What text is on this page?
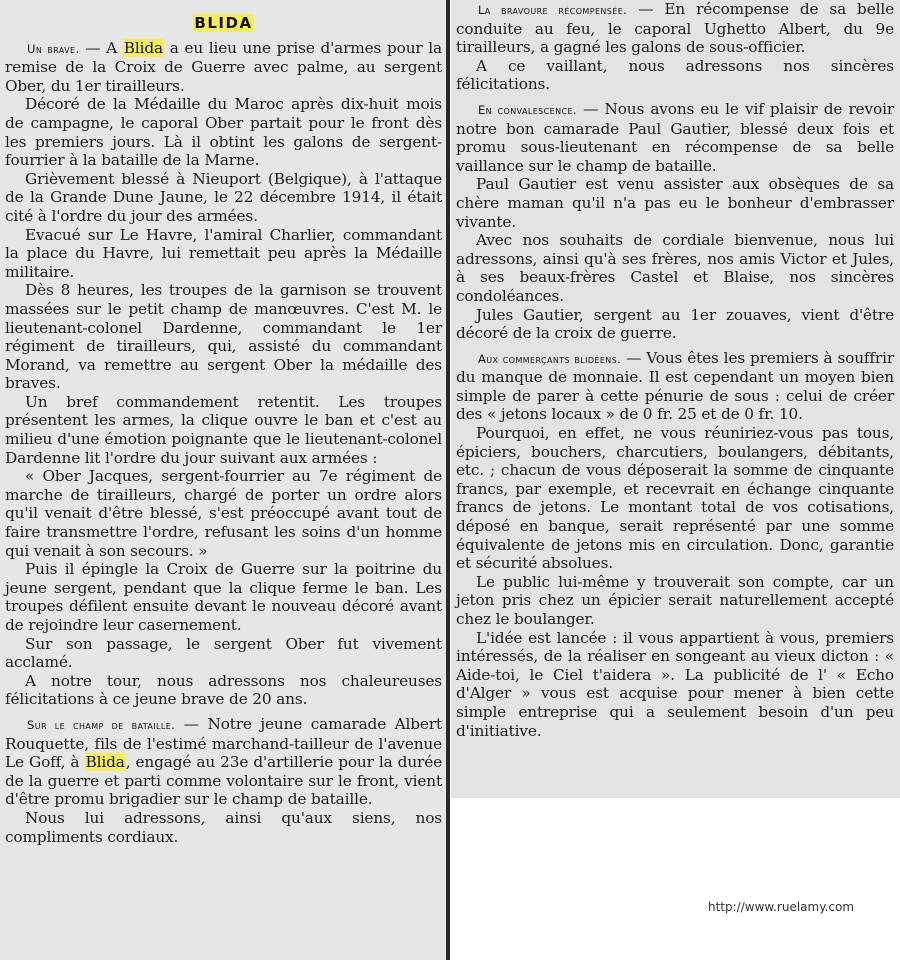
BLIDA

Un brave. — A Blida a eu lieu une prise d'armes pour la remise de la Croix de Guerre avec palme, au sergent Ober, du 1er tirailleurs.

Décoré de la Médaille du Maroc après dix-huit mois de campagne, le caporal Ober partait pour le front dès les premiers jours. Là il obtint les galons de sergent-fourrier à la bataille de la Marne.

Grièvement blessé à Nieuport (Belgique), à l'attaque de la Grande Dune Jaune, le 22 décembre 1914, il était cité à l'ordre du jour des armées.

Evacué sur Le Havre, l'amiral Charlier, commandant la place du Havre, lui remettait peu après la Médaille militaire.

Dès 8 heures, les troupes de la garnison se trouvent massées sur le petit champ de manœuvres. C'est M. le lieutenant-colonel Dardenne, commandant le 1er régiment de tirailleurs, qui, assisté du commandant Morand, va remettre au sergent Ober la médaille des braves.

Un bref commandement retentit. Les troupes présentent les armes, la clique ouvre le ban et c'est au milieu d'une émotion poignante que le lieutenant-colonel Dardenne lit l'ordre du jour suivant aux armées :

« Ober Jacques, sergent-fourrier au 7e régiment de marche de tirailleurs, chargé de porter un ordre alors qu'il venait d'être blessé, s'est préoccupé avant tout de faire transmettre l'ordre, refusant les soins d'un homme qui venait à son secours. »

Puis il épingle la Croix de Guerre sur la poitrine du jeune sergent, pendant que la clique ferme le ban. Les troupes défilent ensuite devant le nouveau décoré avant de rejoindre leur casernement.

Sur son passage, le sergent Ober fut vivement acclamé.

A notre tour, nous adressons nos chaleureuses félicitations à ce jeune brave de 20 ans.

Sur le champ de bataille. — Notre jeune camarade Albert Rouquette, fils de l'estimé marchand-tailleur de l'avenue Le Goff, à Blida, engagé au 23e d'artillerie pour la durée de la guerre et parti comme volontaire sur le front, vient d'être promu brigadier sur le champ de bataille.

Nous lui adressons, ainsi qu'aux siens, nos compliments cordiaux.

La bravoure récompensée. — En récompense de sa belle conduite au feu, le caporal Ughetto Albert, du 9e tirailleurs, a gagné les galons de sous-officier.

A ce vaillant, nous adressons nos sincères félicitations.

En convalescence. — Nous avons eu le vif plaisir de revoir notre bon camarade Paul Gautier, blessé deux fois et promu sous-lieutenant en récompense de sa belle vaillance sur le champ de bataille.

Paul Gautier est venu assister aux obsèques de sa chère maman qu'il n'a pas eu le bonheur d'embrasser vivante.

Avec nos souhaits de cordiale bienvenue, nous lui adressons, ainsi qu'à ses frères, nos amis Victor et Jules, à ses beaux-frères Castel et Blaise, nos sincères condoléances.

Jules Gautier, sergent au 1er zouaves, vient d'être décoré de la croix de guerre.

Aux commerçants blidéens. — Vous êtes les premiers à souffrir du manque de monnaie. Il est cependant un moyen bien simple de parer à cette pénurie de sous : celui de créer des « jetons locaux » de 0 fr. 25 et de 0 fr. 10.

Pourquoi, en effet, ne vous réuniriez-vous pas tous, épiciers, bouchers, charcutiers, boulangers, débitants, etc. ; chacun de vous déposerait la somme de cinquante francs, par exemple, et recevrait en échange cinquante francs de jetons. Le montant total de vos cotisations, déposé en banque, serait représenté par une somme équivalente de jetons mis en circulation. Donc, garantie et sécurité absolues.

Le public lui-même y trouverait son compte, car un jeton pris chez un épicier serait naturellement accepté chez le boulanger.

L'idée est lancée : il vous appartient à vous, premiers intéressés, de la réaliser en songeant au vieux dicton : « Aide-toi, le Ciel t'aidera ». La publicité de l' « Echo d'Alger » vous est acquise pour mener à bien cette simple entreprise qui a seulement besoin d'un peu d'initiative.

http://www.ruelamy.com
